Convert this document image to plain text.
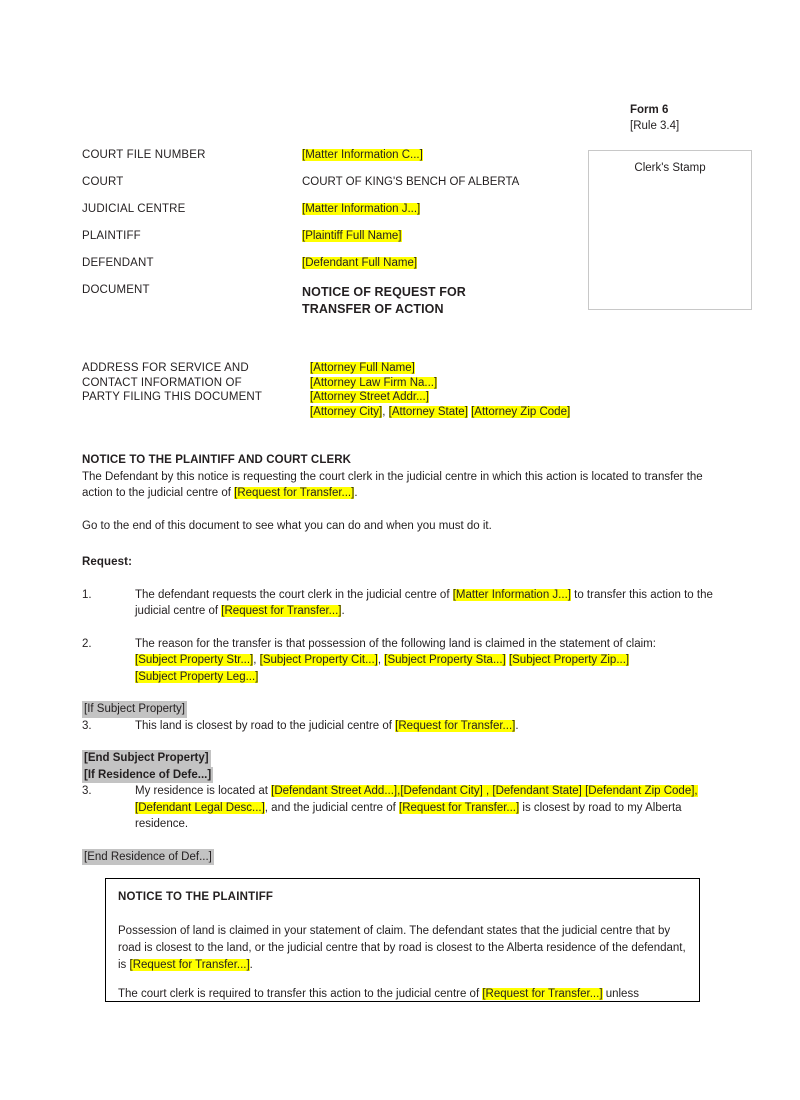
Form 6
[Rule 3.4]
Clerk's Stamp
COURT FILE NUMBER	[Matter Information C...]
COURT	COURT OF KING'S BENCH OF ALBERTA
JUDICIAL CENTRE	[Matter Information J...]
PLAINTIFF	[Plaintiff Full Name]
DEFENDANT	[Defendant Full Name]
DOCUMENT	NOTICE OF REQUEST FOR
TRANSFER OF ACTION
ADDRESS FOR SERVICE AND
CONTACT INFORMATION OF
PARTY FILING THIS DOCUMENT
[Attorney Full Name]
[Attorney Law Firm Na...]
[Attorney Street Addr...]
[Attorney City], [Attorney State] [Attorney Zip Code]
NOTICE TO THE PLAINTIFF AND COURT CLERK

The Defendant by this notice is requesting the court clerk in the judicial centre in which this action is located to transfer the action to the judicial centre of [Request for Transfer...].

Go to the end of this document to see what you can do and when you must do it.

Request:
1.	The defendant requests the court clerk in the judicial centre of [Matter Information J...] to transfer this action to the judicial centre of [Request for Transfer...].
2.	The reason for the transfer is that possession of the following land is claimed in the statement of claim:
[Subject Property Str...], [Subject Property Cit...], [Subject Property Sta...] [Subject Property Zip...]
[Subject Property Leg...]

[If Subject Property]

3.	This land is closest by road to the judicial centre of [Request for Transfer...].

[End Subject Property]

[If Residence of Defe...]

3.	My residence is located at [Defendant Street Add...],[Defendant City] , [Defendant State] [Defendant Zip Code], [Defendant Legal Desc...], and the judicial centre of [Request for Transfer...] is closest by road to my Alberta residence.

[End Residence of Def...]

NOTICE TO THE PLAINTIFF

Possession of land is claimed in your statement of claim. The defendant states that the judicial centre that by road is closest to the land, or the judicial centre that by road is closest to the Alberta residence of the defendant, is [Request for Transfer...].

The court clerk is required to transfer this action to the judicial centre of [Request for Transfer...] unless
